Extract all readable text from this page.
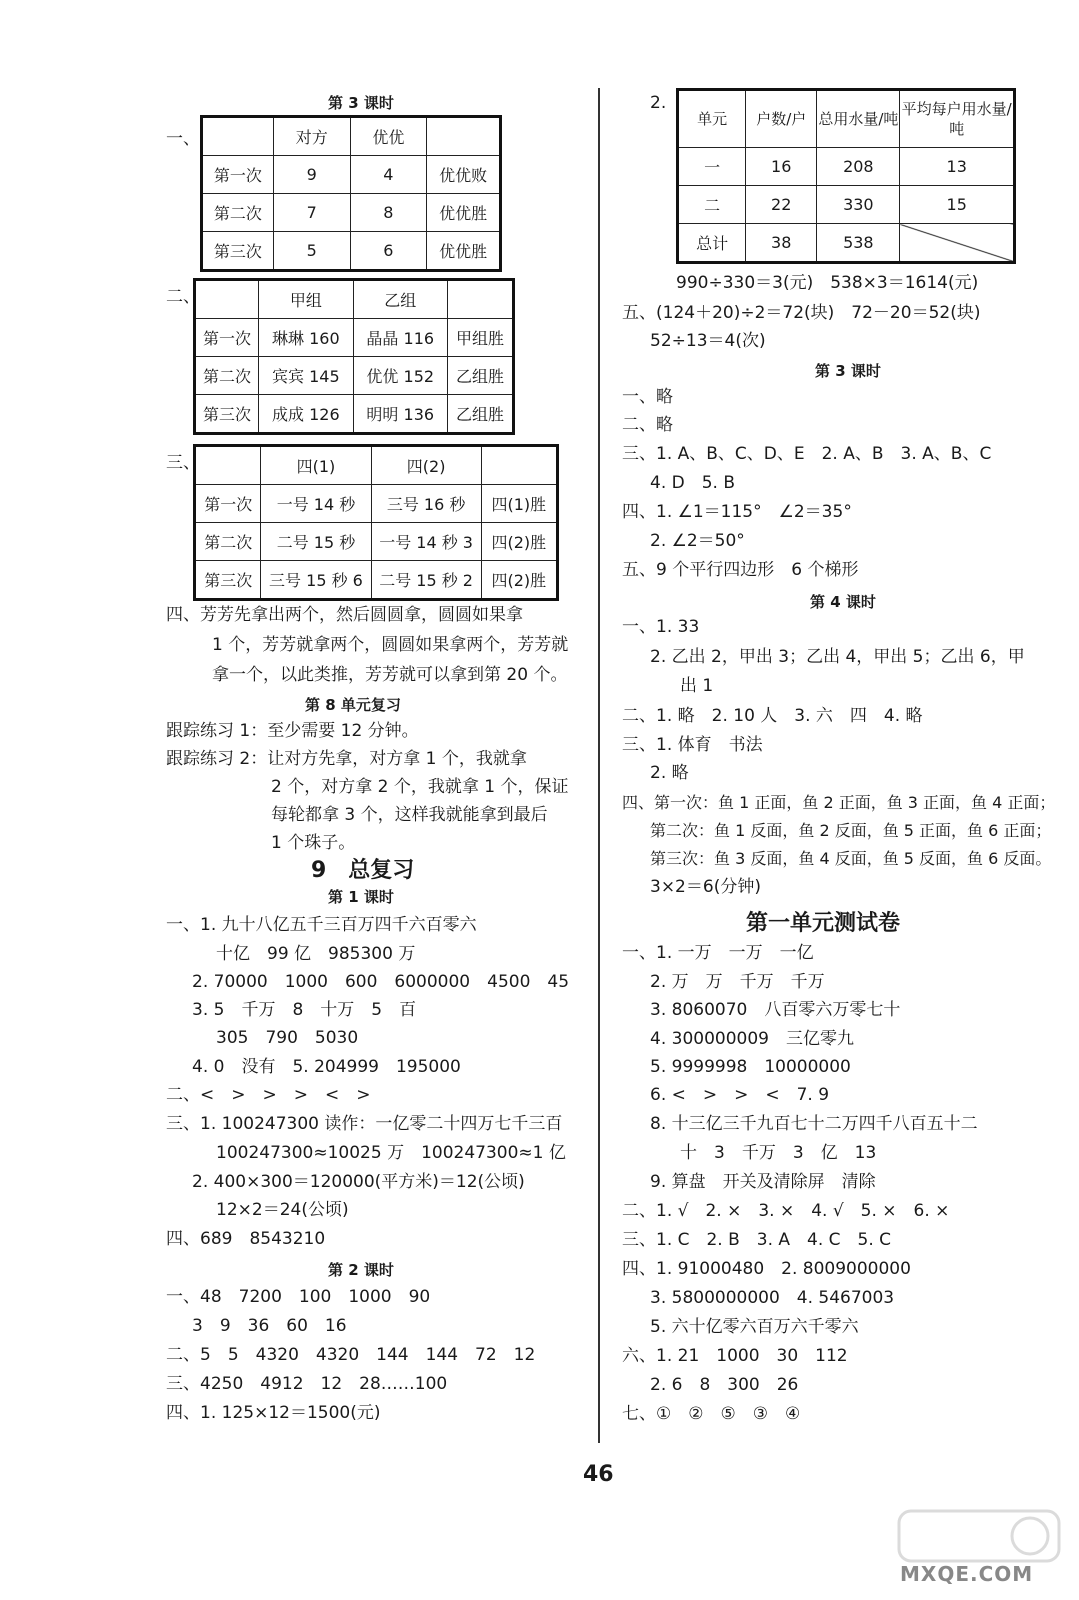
第 3 课时
一、
		对方	优优	
第一次	9	4	优优败
第二次	7	8	优优胜
第三次	5	6	优优胜
二、
		甲组	乙组	
第一次	琳琳 160	晶晶 116	甲组胜
第二次	宾宾 145	优优 152	乙组胜
第三次	成成 126	明明 136	乙组胜
三、
		四(1)	四(2)	
第一次	一号 14 秒	三号 16 秒	四(1)胜
第二次	二号 15 秒	一号 14 秒 3	四(2)胜
第三次	三号 15 秒 6	二号 15 秒 2	四(2)胜
四、芳芳先拿出两个，然后圆圆拿，圆圆如果拿
1 个，芳芳就拿两个，圆圆如果拿两个，芳芳就
拿一个，以此类推，芳芳就可以拿到第 20 个。
第 8 单元复习
跟踪练习 1：至少需要 12 分钟。
跟踪练习 2：让对方先拿，对方拿 1 个，我就拿
2 个，对方拿 2 个，我就拿 1 个，保证
每轮都拿 3 个，这样我就能拿到最后
1 个珠子。
9　总复习
第 1 课时
一、1. 九十八亿五千三百万四千六百零六
十亿　99 亿　985300 万
2. 70000　1000　600　6000000　4500　45
3. 5　千万　8　十万　5　百
305　790　5030
4. 0　没有　5. 204999　195000
二、<　>　>　>　<　>
三、1. 100247300 读作：一亿零二十四万七千三百
100247300≈10025 万　100247300≈1 亿
2. 400×300＝120000(平方米)＝12(公顷)
12×2＝24(公顷)
四、689　8543210
第 2 课时
一、48　7200　100　1000　90
3　9　36　60　16
二、5　5　4320　4320　144　144　72　12
三、4250　4912　12　28……100
四、1. 125×12＝1500(元)
2.
单元	户数/户	总用水量/吨	平均每户用水量/吨
一	16	208	13
二	22	330	15
总计	38	538	
990÷330＝3(元)　538×3＝1614(元)
五、(124＋20)÷2＝72(块)　72－20＝52(块)
52÷13＝4(次)
第 3 课时
一、略
二、略
三、1. A、B、C、D、E　2. A、B　3. A、B、C
4. D　5. B
四、1. ∠1＝115°　∠2＝35°
2. ∠2＝50°
五、9 个平行四边形　6 个梯形
第 4 课时
一、1. 33
2. 乙出 2，甲出 3；乙出 4，甲出 5；乙出 6，甲
出 1
二、1. 略　2. 10 人　3. 六　四　4. 略
三、1. 体育　书法
2. 略
四、第一次：鱼 1 正面，鱼 2 正面，鱼 3 正面，鱼 4 正面；
第二次：鱼 1 反面，鱼 2 反面，鱼 5 正面，鱼 6 正面；
第三次：鱼 3 反面，鱼 4 反面，鱼 5 反面，鱼 6 反面。
3×2＝6(分钟)
第一单元测试卷
一、1. 一万　一万　一亿
2. 万　万　千万　千万
3. 8060070　八百零六万零七十
4. 300000009　三亿零九
5. 9999998　10000000
6. <　>　>　<　7. 9
8. 十三亿三千九百七十二万四千八百五十二
十　3　千万　3　亿　13
9. 算盘　开关及清除屏　清除
二、1. √　2. ×　3. ×　4. √　5. ×　6. ×
三、1. C　2. B　3. A　4. C　5. C
四、1. 91000480　2. 8009000000
3. 5800000000　4. 5467003
5. 六十亿零六百万六千零六
六、1. 21　1000　30　112
2. 6　8　300　26
七、①　②　⑤　③　④
46
MXQE.COM
